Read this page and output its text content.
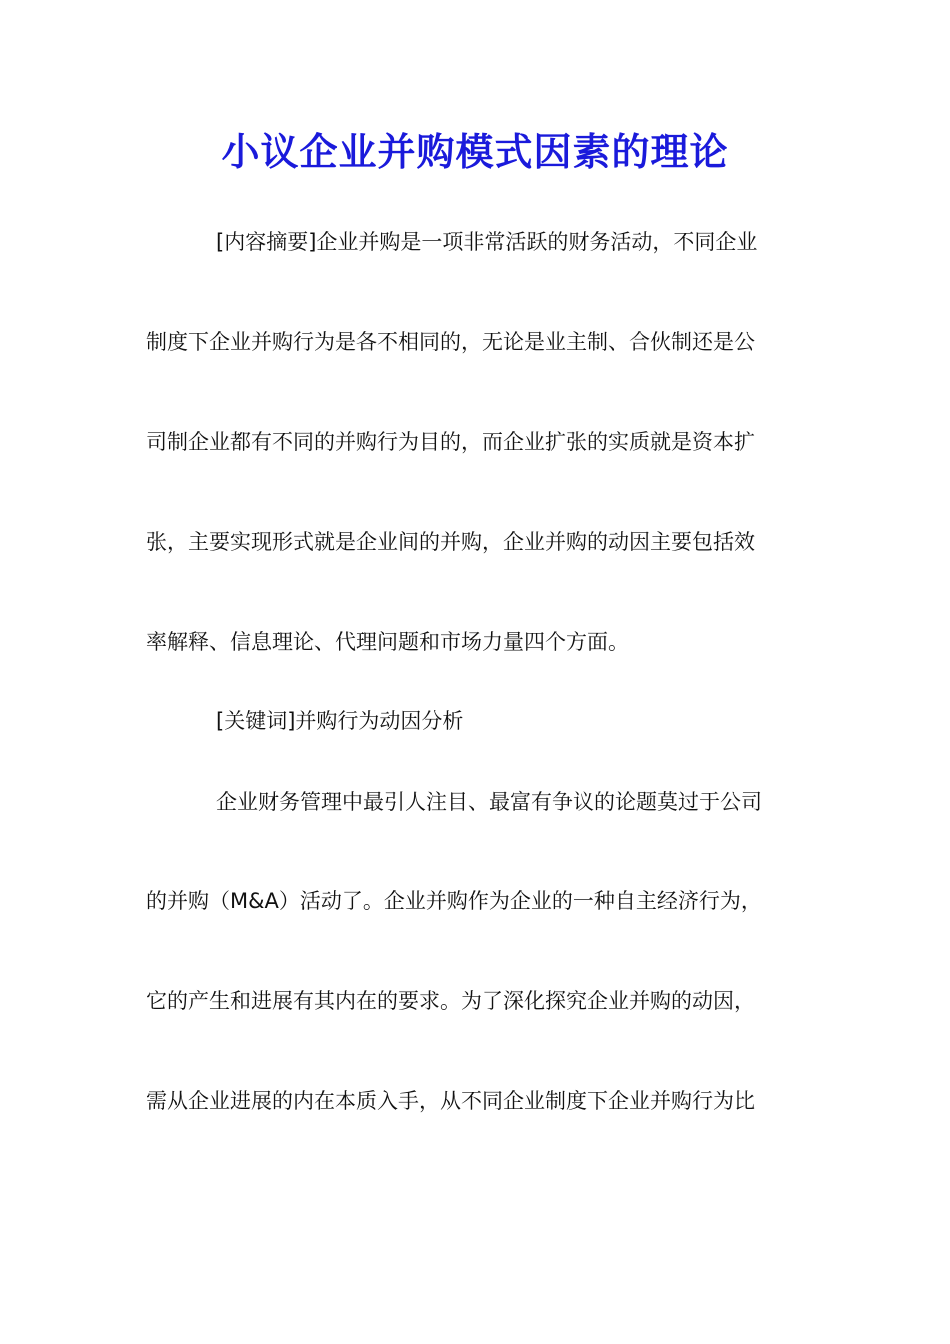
小议企业并购模式因素的理论
[内容摘要]企业并购是一项非常活跃的财务活动，不同企业
制度下企业并购行为是各不相同的，无论是业主制、合伙制还是公
司制企业都有不同的并购行为目的，而企业扩张的实质就是资本扩
张，主要实现形式就是企业间的并购，企业并购的动因主要包括效
率解释、信息理论、代理问题和市场力量四个方面。
[关键词]并购行为动因分析
企业财务管理中最引人注目、最富有争议的论题莫过于公司
的并购（M&A）活动了。企业并购作为企业的一种自主经济行为，
它的产生和进展有其内在的要求。为了深化探究企业并购的动因，
需从企业进展的内在本质入手，从不同企业制度下企业并购行为比
